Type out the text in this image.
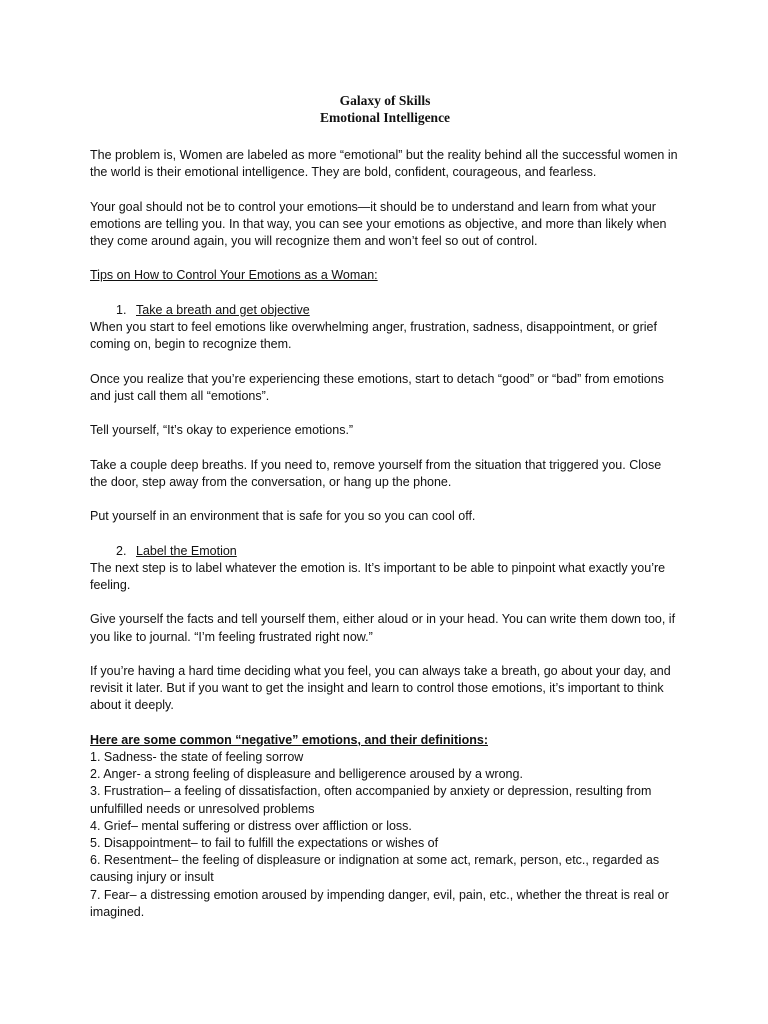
Galaxy of Skills

Emotional Intelligence

The problem is, Women are labeled as more “emotional” but the reality behind all the successful women in the world is their emotional intelligence. They are bold, confident, courageous, and fearless.

Your goal should not be to control your emotions—it should be to understand and learn from what your emotions are telling you. In that way, you can see your emotions as objective, and more than likely when they come around again, you will recognize them and won’t feel so out of control.

Tips on How to Control Your Emotions as a Woman:

1. Take a breath and get objective

When you start to feel emotions like overwhelming anger, frustration, sadness, disappointment, or grief coming on, begin to recognize them.

Once you realize that you’re experiencing these emotions, start to detach “good” or “bad” from emotions and just call them all “emotions”.

Tell yourself, “It’s okay to experience emotions.”

Take a couple deep breaths. If you need to, remove yourself from the situation that triggered you. Close the door, step away from the conversation, or hang up the phone.

Put yourself in an environment that is safe for you so you can cool off.

2. Label the Emotion

The next step is to label whatever the emotion is. It’s important to be able to pinpoint what exactly you’re feeling.

Give yourself the facts and tell yourself them, either aloud or in your head. You can write them down too, if you like to journal. “I’m feeling frustrated right now.”

If you’re having a hard time deciding what you feel, you can always take a breath, go about your day, and revisit it later. But if you want to get the insight and learn to control those emotions, it’s important to think about it deeply.

Here are some common “negative” emotions, and their definitions:

1. Sadness- the state of feeling sorrow

2. Anger- a strong feeling of displeasure and belligerence aroused by a wrong.

3. Frustration– a feeling of dissatisfaction, often accompanied by anxiety or depression, resulting from unfulfilled needs or unresolved problems

4. Grief– mental suffering or distress over affliction or loss.

5. Disappointment– to fail to fulfill the expectations or wishes of

6. Resentment– the feeling of displeasure or indignation at some act, remark, person, etc., regarded as causing injury or insult

7. Fear– a distressing emotion aroused by impending danger, evil, pain, etc., whether the threat is real or imagined.
